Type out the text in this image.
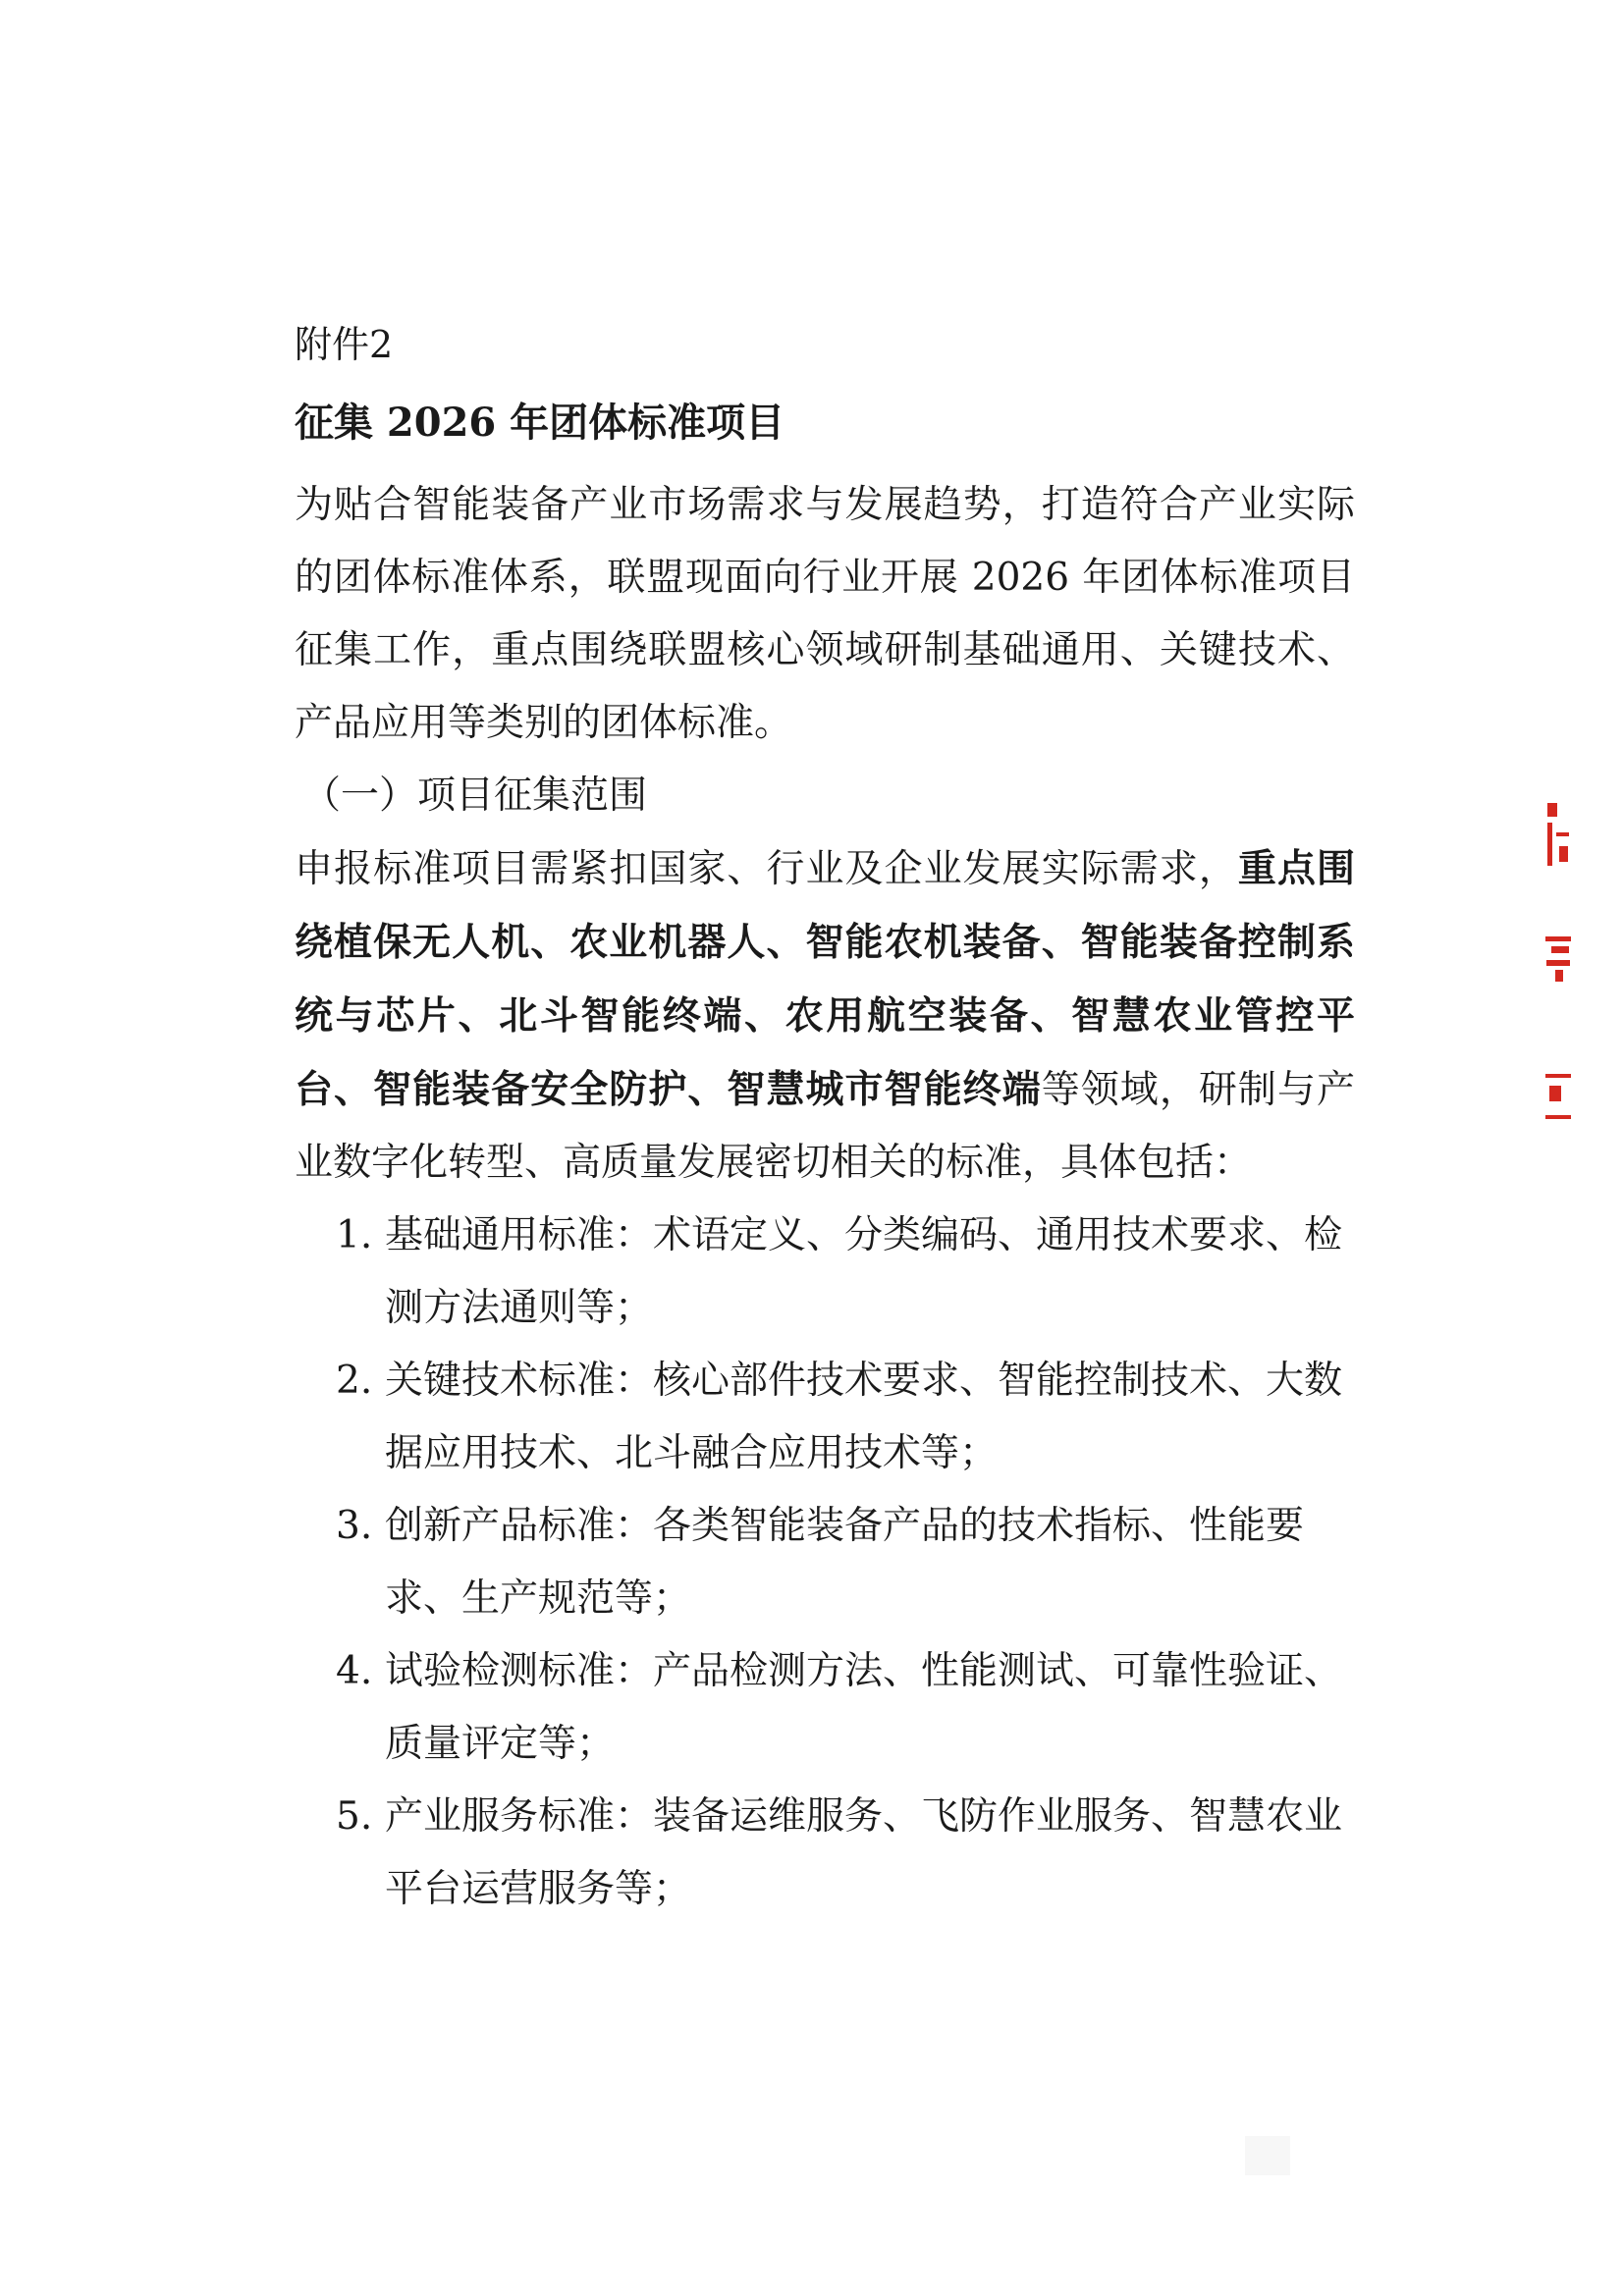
附件2

征集 2026 年团体标准项目

为贴合智能装备产业市场需求与发展趋势，打造符合产业实际的团体标准体系，联盟现面向行业开展 2026 年团体标准项目征集工作，重点围绕联盟核心领域研制基础通用、关键技术、产品应用等类别的团体标准。

（一）项目征集范围

申报标准项目需紧扣国家、行业及企业发展实际需求，重点围绕植保无人机、农业机器人、智能农机装备、智能装备控制系统与芯片、北斗智能终端、农用航空装备、智慧农业管控平台、智能装备安全防护、智慧城市智能终端等领域，研制与产业数字化转型、高质量发展密切相关的标准，具体包括：

1. 基础通用标准：术语定义、分类编码、通用技术要求、检测方法通则等；
2. 关键技术标准：核心部件技术要求、智能控制技术、大数据应用技术、北斗融合应用技术等；
3. 创新产品标准：各类智能装备产品的技术指标、性能要求、生产规范等；
4. 试验检测标准：产品检测方法、性能测试、可靠性验证、质量评定等；
5. 产业服务标准：装备运维服务、飞防作业服务、智慧农业平台运营服务等；
